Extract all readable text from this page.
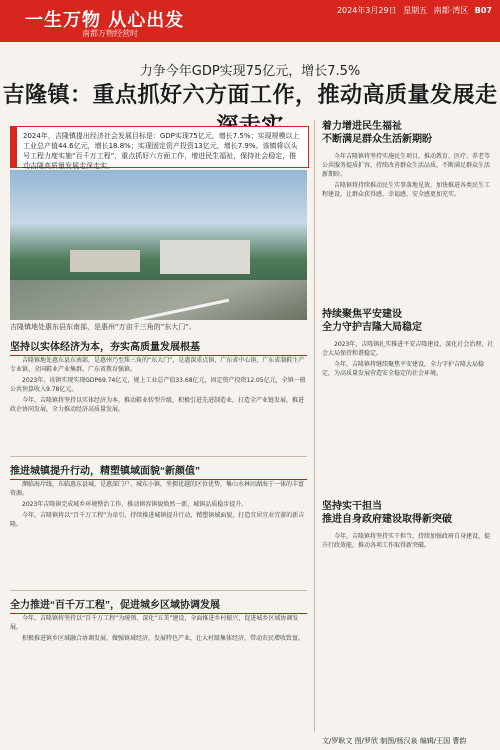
一生万物 从心出发
南都万物经营时
2024年3月29日 星期五 南都·湾区 B07
力争今年GDP实现75亿元，增长7.5%
吉隆镇：重点抓好六方面工作，推动高质量发展走

2024年，吉隆镇提出经济社会发展目标是：GDP实现75亿元，增长7.5%；实现规模以上工业总产值44.6亿元，增长18.8%；实现固定资产投资13亿元，增长7.9%。该镇将以头号工程力度实施“百千万工程”，重点抓好六方面工作，增进民生福祉，保持社会稳定，推动吉隆高质量发展走深走实。

吉隆镇地处惠东县东南部，是惠州“万亩千三角的”东大门”。
坚持以实体经济为本，夯实高质量发展根基

吉隆镇地处惠东县东南部，是惠州乃至珠三角的“东大门”，是惠深重点镇，广东省中心镇，广东省制鞋生产专业镇、全国鞋业产业集群，广东省教育强镇。

2023年，该镇实现实现GDP69.74亿元，规上工业总产值33.68亿元，固定资产投资12.05亿元，全镇一般公共预算收入9.78亿元。

今年，吉隆镇将坚持以实体经济为本，推动鞋业转型升级，积极引进先进制造业，打造全产业链发展，推进政企协同发展，全力推动经济高质量发展。

推进城镇提升行动，精塑镇域面貌“新颜值”

濒临海岸线，东临惠东县城，是惠深门户、城东小镇，坐拥优越的区位优势，集山水林田湖海于一体的丰富资源。

2023年吉隆镇完成城乡环境整治工作，推动镇容镇貌焕然一新，城镇品质稳步提升。

今年，吉隆镇将以“百千万工程”为牵引，持续推进城镇提升行动，精塑镇域面貌，打造宜居宜业宜游的新吉隆。

全力推进“百千万工程”，促进城乡区域协调发展

今年，吉隆镇将坚持以“百千万工程”为统领，深化“五美”建设，全面推进乡村振兴，促进城乡区域协调发展。

积极推进镇乡区域融合协调发展，做强镇域经济，发展特色产业，壮大村级集体经济，带动农民增收致富。

着力增进民生福祉
不断满足群众生活新期盼

今年吉隆镇将坚持实施民生项目，推动教育、医疗、养老等公共服务提质扩容，持续改善群众生活品质，不断满足群众生活新期盼。

吉隆镇将持续推动民生实事落地见效，加快推进各类民生工程建设，让群众获得感、幸福感、安全感更加充实。

持续聚焦平安建设
全力守护吉隆大局稳定

2023年，吉隆镇扎实推进平安吉隆建设，深化社会治理，社会大局保持和谐稳定。

今年，吉隆镇将继续聚焦平安建设，全力守护吉隆大局稳定，为高质量发展营造安全稳定的社会环境。

坚持实干担当
推进自身政府建设取得新突破

今年，吉隆镇将坚持实干担当，持续加强政府自身建设，提升行政效能，推动各项工作取得新突破。

文/罗耿文 图/罗欣 制图/杨汉泉 编辑/王国 曹韵
